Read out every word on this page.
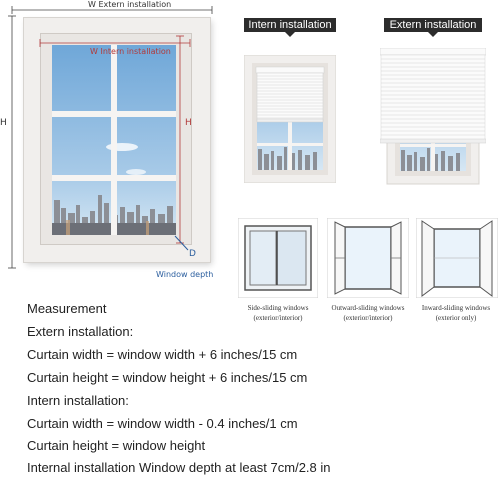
W Extern installation
H
W Intern installation
H
D
Window depth
Intern installation	Extern installation
Side-sliding windows
(exterior/interior)
Outward-sliding windows
(exterior/interior)
Inward-sliding windows
(exterior only)
Measurement
Extern installation:
Curtain width = window width + 6 inches/15 cm
Curtain height = window height + 6 inches/15 cm
Intern installation:
Curtain width = window width - 0.4 inches/1 cm
Curtain height = window height
Internal installation Window depth at least 7cm/2.8 in
